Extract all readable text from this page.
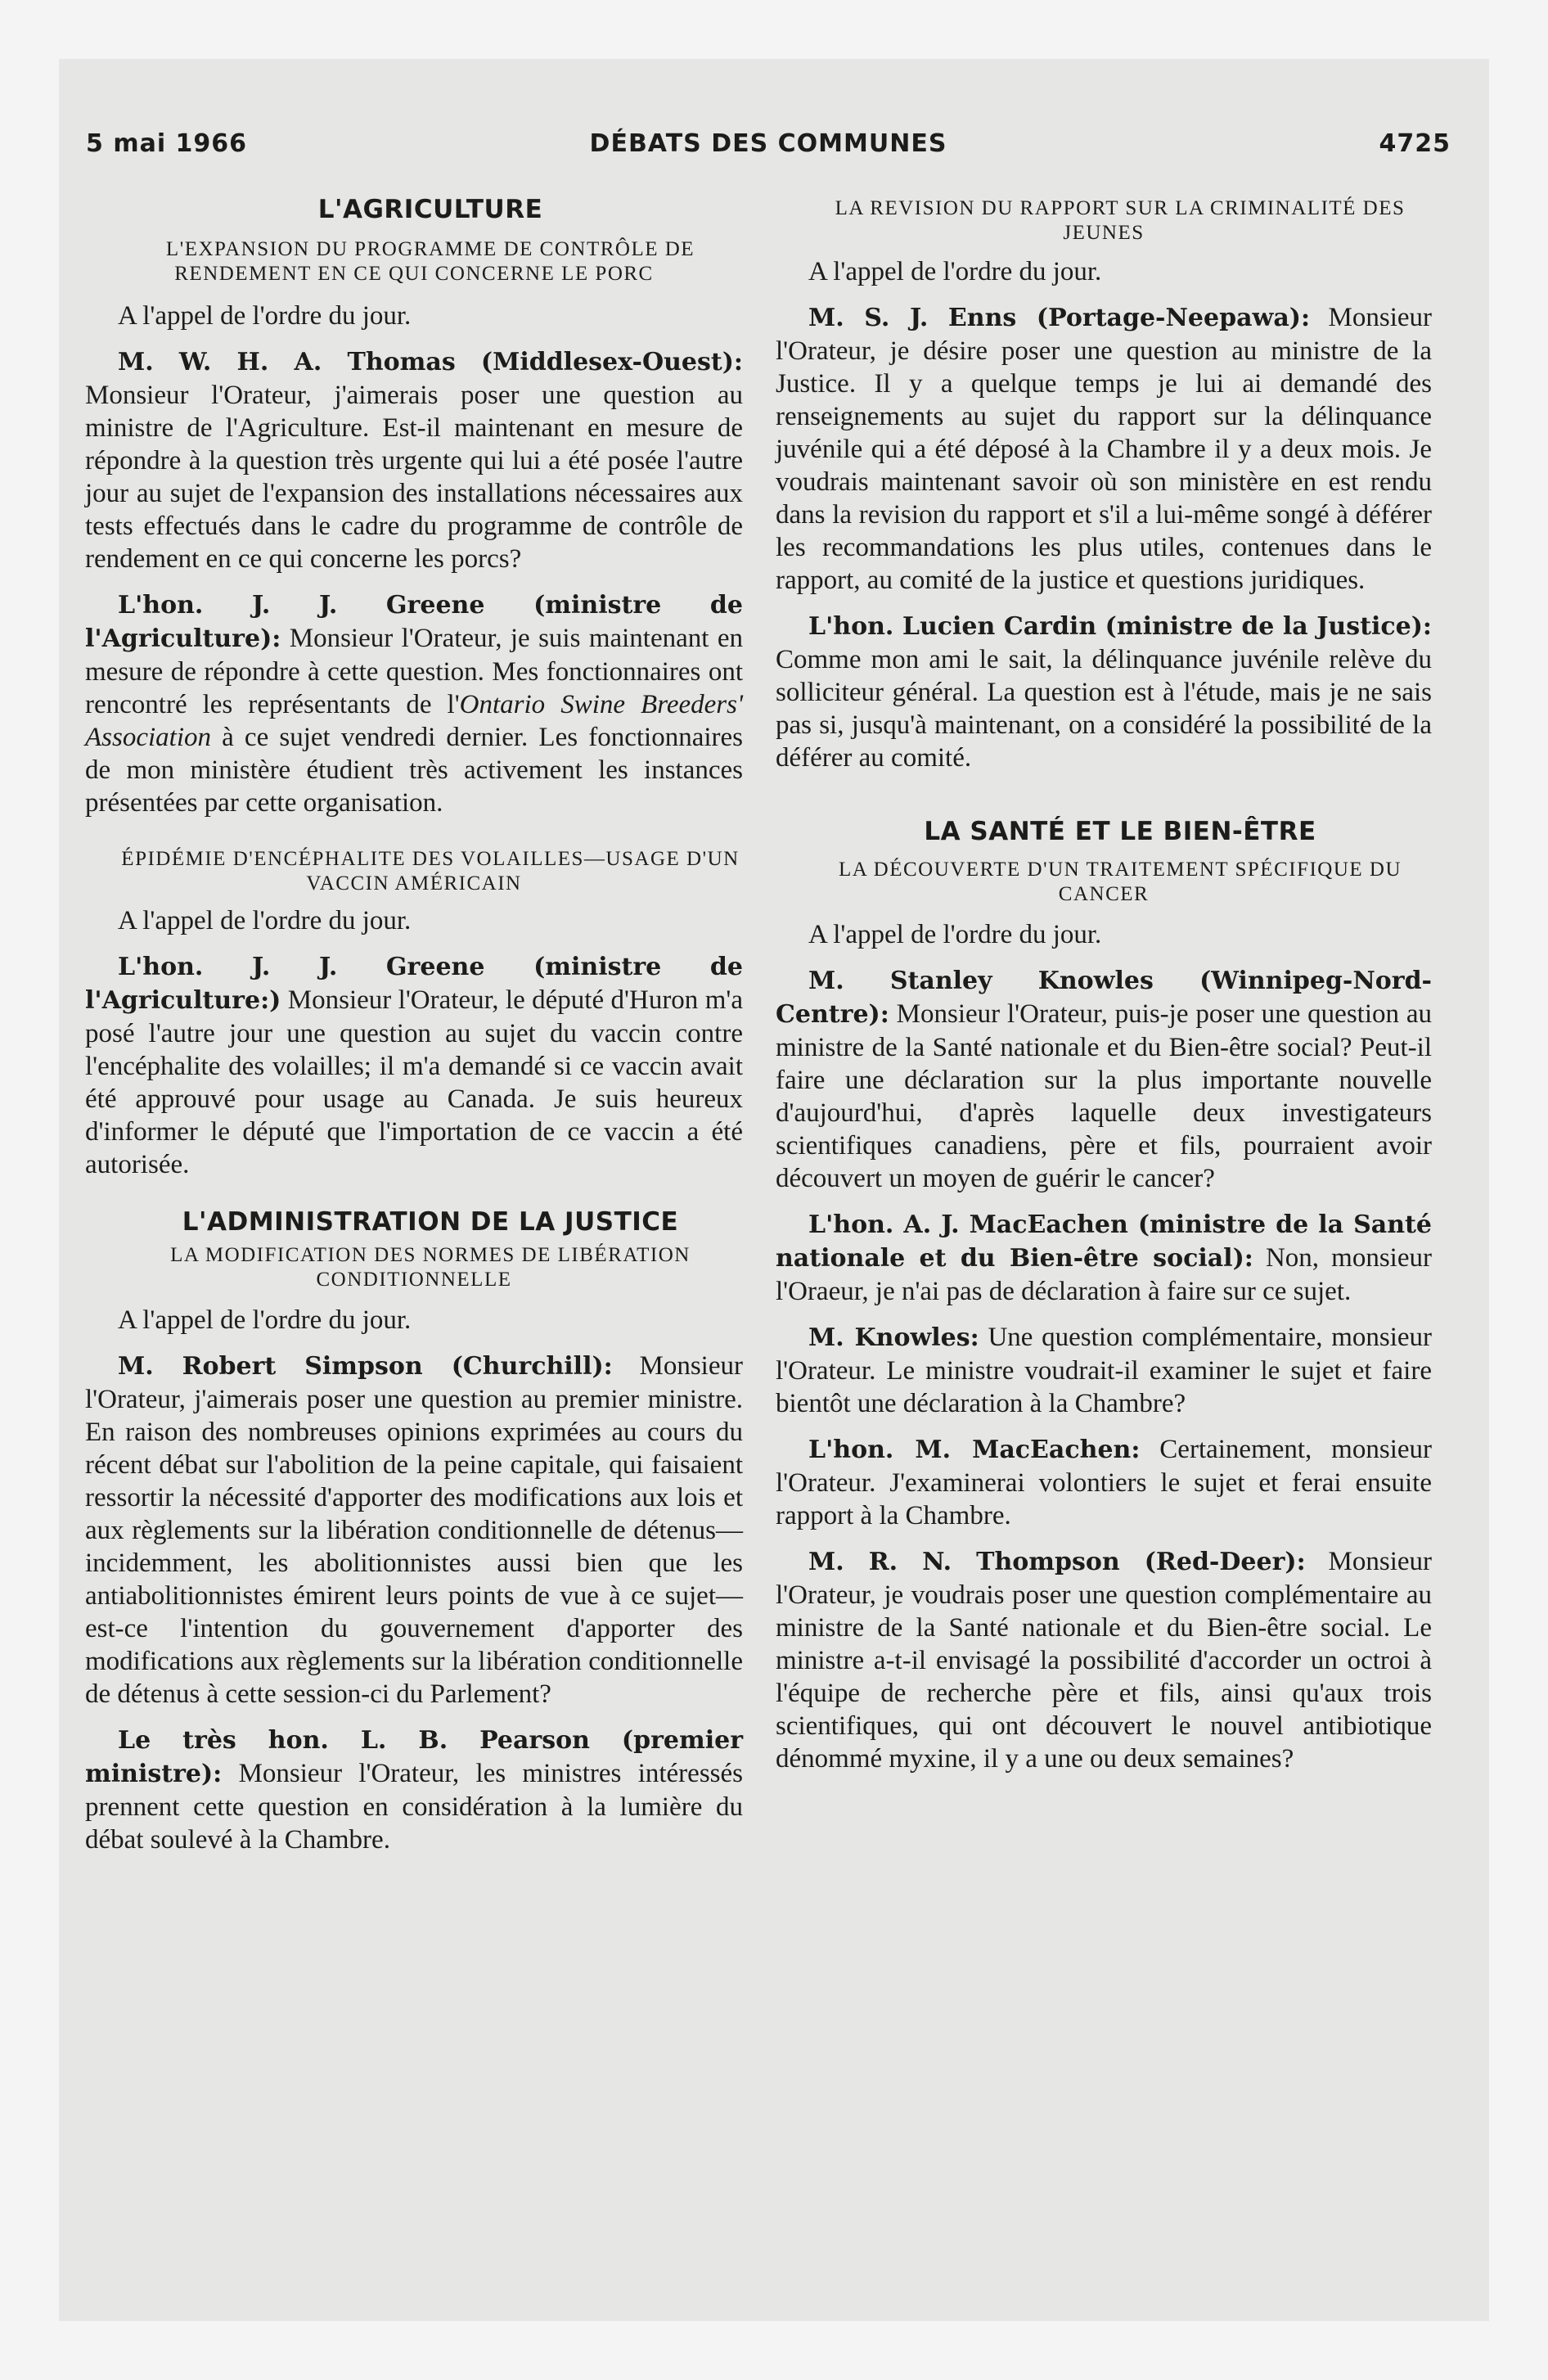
5 mai 1966	DÉBATS DES COMMUNES	4725

L'AGRICULTURE

L'EXPANSION DU PROGRAMME DE CONTRÔLE DE RENDEMENT EN CE QUI CONCERNE LE PORC

A l'appel de l'ordre du jour.

M. W. H. A. Thomas (Middlesex-Ouest): Monsieur l'Orateur, j'aimerais poser une question au ministre de l'Agriculture. Est-il maintenant en mesure de répondre à la question très urgente qui lui a été posée l'autre jour au sujet de l'expansion des installations nécessaires aux tests effectués dans le cadre du programme de contrôle de rendement en ce qui concerne les porcs?

L'hon. J. J. Greene (ministre de l'Agriculture): Monsieur l'Orateur, je suis maintenant en mesure de répondre à cette question. Mes fonctionnaires ont rencontré les représentants de l'Ontario Swine Breeders' Association à ce sujet vendredi dernier. Les fonctionnaires de mon ministère étudient très activement les instances présentées par cette organisation.

ÉPIDÉMIE D'ENCÉPHALITE DES VOLAILLES—USAGE D'UN VACCIN AMÉRICAIN

A l'appel de l'ordre du jour.

L'hon. J. J. Greene (ministre de l'Agriculture:) Monsieur l'Orateur, le député d'Huron m'a posé l'autre jour une question au sujet du vaccin contre l'encéphalite des volailles; il m'a demandé si ce vaccin avait été approuvé pour usage au Canada. Je suis heureux d'informer le député que l'importation de ce vaccin a été autorisée.

L'ADMINISTRATION DE LA JUSTICE

LA MODIFICATION DES NORMES DE LIBÉRATION CONDITIONNELLE

A l'appel de l'ordre du jour.

M. Robert Simpson (Churchill): Monsieur l'Orateur, j'aimerais poser une question au premier ministre. En raison des nombreuses opinions exprimées au cours du récent débat sur l'abolition de la peine capitale, qui faisaient ressortir la nécessité d'apporter des modifications aux lois et aux règlements sur la libération conditionnelle de détenus—incidemment, les abolitionnistes aussi bien que les antiabolitionnistes émirent leurs points de vue à ce sujet—est-ce l'intention du gouvernement d'apporter des modifications aux règlements sur la libération conditionnelle de détenus à cette session-ci du Parlement?

Le très hon. L. B. Pearson (premier ministre): Monsieur l'Orateur, les ministres intéressés prennent cette question en considération à la lumière du débat soulevé à la Chambre.

LA REVISION DU RAPPORT SUR LA CRIMINALITÉ DES JEUNES

A l'appel de l'ordre du jour.

M. S. J. Enns (Portage-Neepawa): Monsieur l'Orateur, je désire poser une question au ministre de la Justice. Il y a quelque temps je lui ai demandé des renseignements au sujet du rapport sur la délinquance juvénile qui a été déposé à la Chambre il y a deux mois. Je voudrais maintenant savoir où son ministère en est rendu dans la revision du rapport et s'il a lui-même songé à déférer les recommandations les plus utiles, contenues dans le rapport, au comité de la justice et questions juridiques.

L'hon. Lucien Cardin (ministre de la Justice): Comme mon ami le sait, la délinquance juvénile relève du solliciteur général. La question est à l'étude, mais je ne sais pas si, jusqu'à maintenant, on a considéré la possibilité de la déférer au comité.

LA SANTÉ ET LE BIEN-ÊTRE

LA DÉCOUVERTE D'UN TRAITEMENT SPÉCIFIQUE DU CANCER

A l'appel de l'ordre du jour.

M. Stanley Knowles (Winnipeg-Nord-Centre): Monsieur l'Orateur, puis-je poser une question au ministre de la Santé nationale et du Bien-être social? Peut-il faire une déclaration sur la plus importante nouvelle d'aujourd'hui, d'après laquelle deux investigateurs scientifiques canadiens, père et fils, pourraient avoir découvert un moyen de guérir le cancer?

L'hon. A. J. MacEachen (ministre de la Santé nationale et du Bien-être social): Non, monsieur l'Oraeur, je n'ai pas de déclaration à faire sur ce sujet.

M. Knowles: Une question complémentaire, monsieur l'Orateur. Le ministre voudrait-il examiner le sujet et faire bientôt une déclaration à la Chambre?

L'hon. M. MacEachen: Certainement, monsieur l'Orateur. J'examinerai volontiers le sujet et ferai ensuite rapport à la Chambre.

M. R. N. Thompson (Red-Deer): Monsieur l'Orateur, je voudrais poser une question complémentaire au ministre de la Santé nationale et du Bien-être social. Le ministre a-t-il envisagé la possibilité d'accorder un octroi à l'équipe de recherche père et fils, ainsi qu'aux trois scientifiques, qui ont découvert le nouvel antibiotique dénommé myxine, il y a une ou deux semaines?
